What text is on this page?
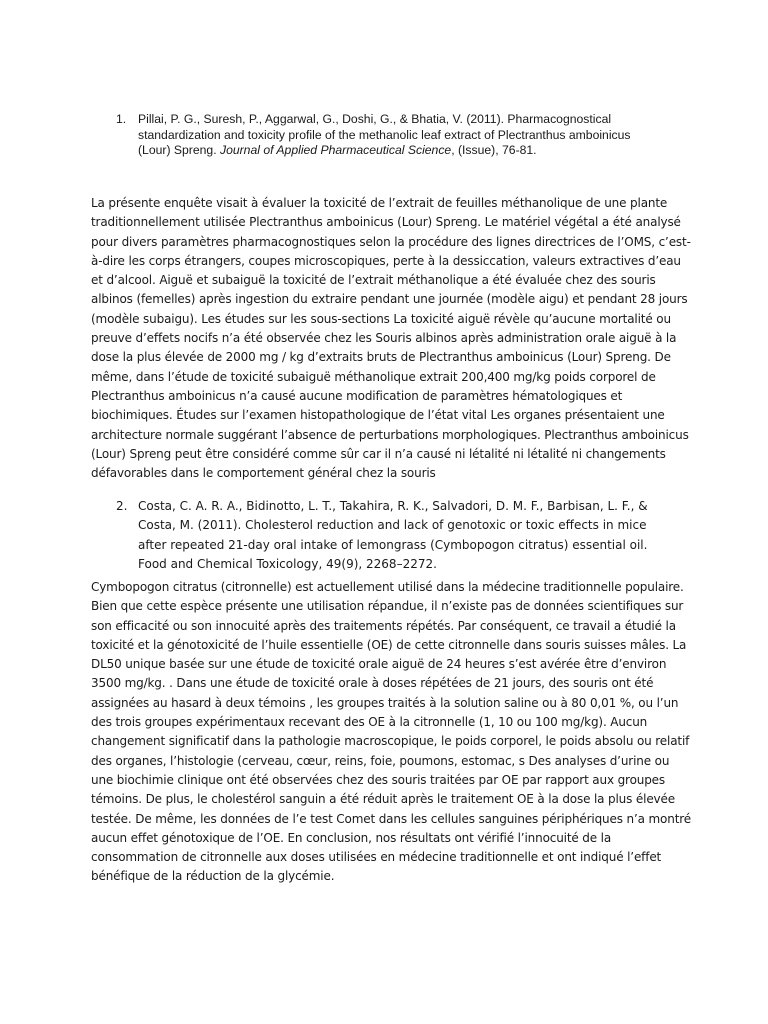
1. Pillai, P. G., Suresh, P., Aggarwal, G., Doshi, G., & Bhatia, V. (2011). Pharmacognostical standardization and toxicity profile of the methanolic leaf extract of Plectranthus amboinicus (Lour) Spreng. Journal of Applied Pharmaceutical Science, (Issue), 76-81.

La présente enquête visait à évaluer la toxicité de l’extrait de feuilles méthanolique de une plante traditionnellement utilisée Plectranthus amboinicus (Lour) Spreng. Le matériel végétal a été analysé pour divers paramètres pharmacognostiques selon la procédure des lignes directrices de l’OMS, c’est-à-dire les corps étrangers, coupes microscopiques, perte à la dessiccation, valeurs extractives d’eau et d’alcool. Aiguë et subaiguë la toxicité de l’extrait méthanolique a été évaluée chez des souris albinos (femelles) après ingestion du extraire pendant une journée (modèle aigu) et pendant 28 jours (modèle subaigu). Les études sur les sous-sections La toxicité aiguë révèle qu’aucune mortalité ou preuve d’effets nocifs n’a été observée chez les Souris albinos après administration orale aiguë à la dose la plus élevée de 2000 mg / kg d’extraits bruts de Plectranthus amboinicus (Lour) Spreng. De même, dans l’étude de toxicité subaiguë méthanolique extrait 200,400 mg/kg poids corporel de Plectranthus amboinicus n’a causé aucune modification de paramètres hématologiques et biochimiques. Études sur l’examen histopathologique de l’état vital Les organes présentaient une architecture normale suggérant l’absence de perturbations morphologiques. Plectranthus amboinicus (Lour) Spreng peut être considéré comme sûr car il n’a causé ni létalité ni létalité ni changements défavorables dans le comportement général chez la souris

2. Costa, C. A. R. A., Bidinotto, L. T., Takahira, R. K., Salvadori, D. M. F., Barbisan, L. F., & Costa, M. (2011). Cholesterol reduction and lack of genotoxic or toxic effects in mice after repeated 21-day oral intake of lemongrass (Cymbopogon citratus) essential oil. Food and Chemical Toxicology, 49(9), 2268–2272.

Cymbopogon citratus (citronnelle) est actuellement utilisé dans la médecine traditionnelle populaire. Bien que cette espèce présente une utilisation répandue, il n’existe pas de données scientifiques sur son efficacité ou son innocuité après des traitements répétés. Par conséquent, ce travail a étudié la toxicité et la génotoxicité de l’huile essentielle (OE) de cette citronnelle dans souris suisses mâles. La DL50 unique basée sur une étude de toxicité orale aiguë de 24 heures s’est avérée être d’environ 3500 mg/kg. . Dans une étude de toxicité orale à doses répétées de 21 jours, des souris ont été assignées au hasard à deux témoins , les groupes traités à la solution saline ou à 80 0,01 %, ou l’un des trois groupes expérimentaux recevant des OE à la citronnelle (1, 10 ou 100 mg/kg). Aucun changement significatif dans la pathologie macroscopique, le poids corporel, le poids absolu ou relatif des organes, l’histologie (cerveau, cœur, reins, foie, poumons, estomac, s Des analyses d’urine ou une biochimie clinique ont été observées chez des souris traitées par OE par rapport aux groupes témoins. De plus, le cholestérol sanguin a été réduit après le traitement OE à la dose la plus élevée testée. De même, les données de l’e test Comet dans les cellules sanguines périphériques n’a montré aucun effet génotoxique de l’OE. En conclusion, nos résultats ont vérifié l’innocuité de la consommation de citronnelle aux doses utilisées en médecine traditionnelle et ont indiqué l’effet bénéfique de la réduction de la glycémie.
